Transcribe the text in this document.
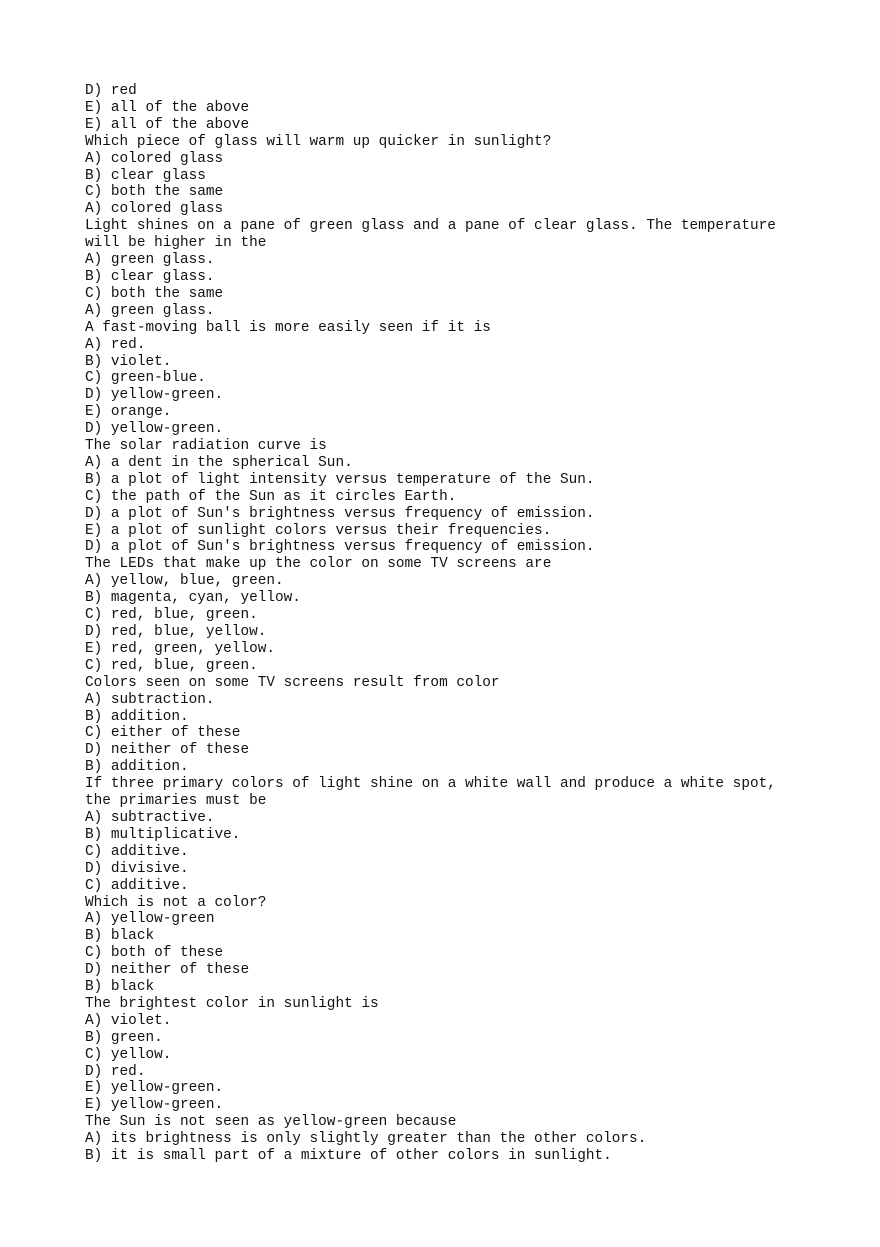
D) red

E) all of the above

E) all of the above

Which piece of glass will warm up quicker in sunlight?

A) colored glass

B) clear glass

C) both the same

A) colored glass

Light shines on a pane of green glass and a pane of clear glass. The temperature

will be higher in the

A) green glass.

B) clear glass.

C) both the same

A) green glass.

A fast-moving ball is more easily seen if it is

A) red.

B) violet.

C) green-blue.

D) yellow-green.

E) orange.

D) yellow-green.

The solar radiation curve is

A) a dent in the spherical Sun.

B) a plot of light intensity versus temperature of the Sun.

C) the path of the Sun as it circles Earth.

D) a plot of Sun's brightness versus frequency of emission.

E) a plot of sunlight colors versus their frequencies.

D) a plot of Sun's brightness versus frequency of emission.

The LEDs that make up the color on some TV screens are

A) yellow, blue, green.

B) magenta, cyan, yellow.

C) red, blue, green.

D) red, blue, yellow.

E) red, green, yellow.

C) red, blue, green.

Colors seen on some TV screens result from color

A) subtraction.

B) addition.

C) either of these

D) neither of these

B) addition.

If three primary colors of light shine on a white wall and produce a white spot,

the primaries must be

A) subtractive.

B) multiplicative.

C) additive.

D) divisive.

C) additive.

Which is not a color?

A) yellow-green

B) black

C) both of these

D) neither of these

B) black

The brightest color in sunlight is

A) violet.

B) green.

C) yellow.

D) red.

E) yellow-green.

E) yellow-green.

The Sun is not seen as yellow-green because

A) its brightness is only slightly greater than the other colors.

B) it is small part of a mixture of other colors in sunlight.
